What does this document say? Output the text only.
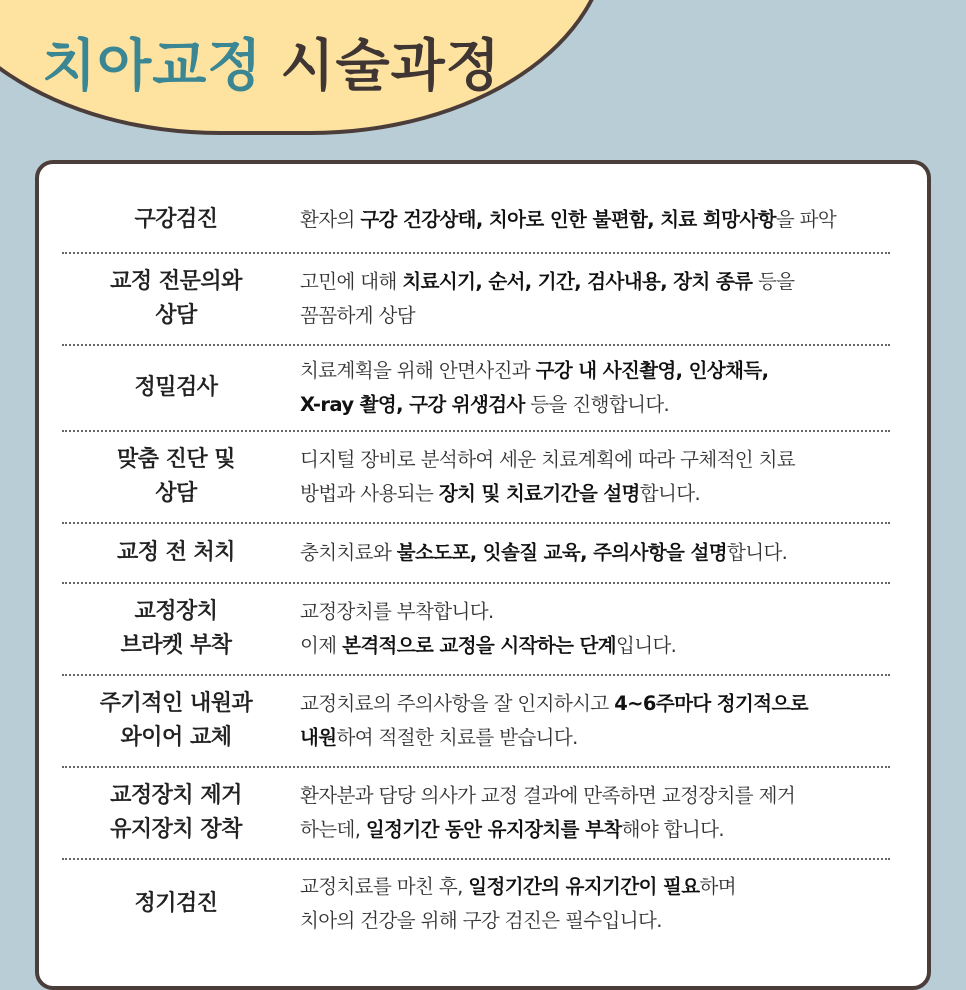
치아교정 시술과정
구강검진	환자의 구강 건강상태, 치아로 인한 불편함, 치료 희망사항을 파악
교정 전문의와
상담
고민에 대해 치료시기, 순서, 기간, 검사내용, 장치 종류 등을
꼼꼼하게 상담
정밀검사
치료계획을 위해 안면사진과 구강 내 사진촬영, 인상채득,
X-ray 촬영, 구강 위생검사 등을 진행합니다.
맞춤 진단 및
상담
디지털 장비로 분석하여 세운 치료계획에 따라 구체적인 치료
방법과 사용되는 장치 및 치료기간을 설명합니다.
교정 전 처치	충치치료와 불소도포, 잇솔질 교육, 주의사항을 설명합니다.
교정장치
브라켓 부착
교정장치를 부착합니다.
이제 본격적으로 교정을 시작하는 단계입니다.
주기적인 내원과
와이어 교체
교정치료의 주의사항을 잘 인지하시고 4~6주마다 정기적으로
내원하여 적절한 치료를 받습니다.
교정장치 제거
유지장치 장착
환자분과 담당 의사가 교정 결과에 만족하면 교정장치를 제거
하는데, 일정기간 동안 유지장치를 부착해야 합니다.
정기검진
교정치료를 마친 후, 일정기간의 유지기간이 필요하며
치아의 건강을 위해 구강 검진은 필수입니다.
